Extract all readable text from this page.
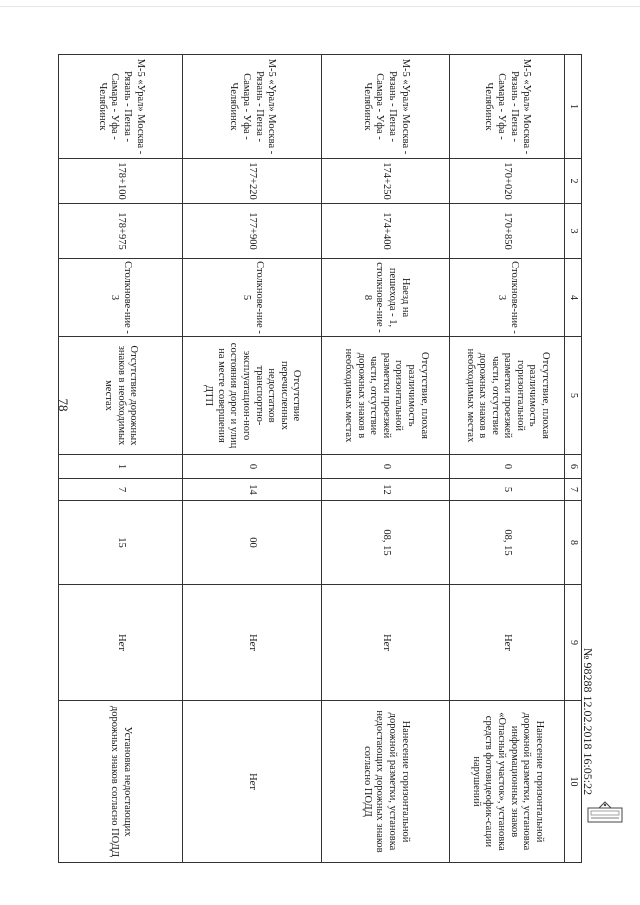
78
1	2	3	4	5	6	7	8	9	10
М-5 «Урал» Москва - Рязань - Пенза - Самара - Уфа - Челябинск	170+020	170+850	Столкнове-ние - 3	Отсутствие, плохая различимость горизонтальной разметки проезжей части, отсутствие дорожных знаков в необходимых местах	0	5	08, 15	Нет	Нанесение горизонтальной дорожной разметки, установка информационных знаков «Опасный участок», установка средств фотовидеофик-сации нарушений
М-5 «Урал» Москва - Рязань - Пенза - Самара - Уфа - Челябинск	174+250	174+400	Наезд на пешехода - 1, столкнове-ние - 8	Отсутствие, плохая различимость горизонтальной разметки проезжей части, отсутствие дорожных знаков в необходимых местах	0	12	08, 15	Нет	Нанесение горизонтальной дорожной разметки, установка недостающих дорожных знаков согласно ПОДД
М-5 «Урал» Москва - Рязань - Пенза - Самара - Уфа - Челябинск	177+220	177+900	Столкнове-ние - 5	Отсутствие перечисленных недостатков транспортно-эксплуатацион-ного состояния дорог и улиц на месте совершения ДТП	0	14	00	Нет	Нет
М-5 «Урал» Москва - Рязань - Пенза - Самара - Уфа - Челябинск	178+100	178+975	Столкнове-ние - 3	Отсутствие дорожных знаков в необходимых местах	1	7	15	Нет	Установка недостающих дорожных знаков согласно ПОДД	№ 98288 12.02.2018 16:05:22
